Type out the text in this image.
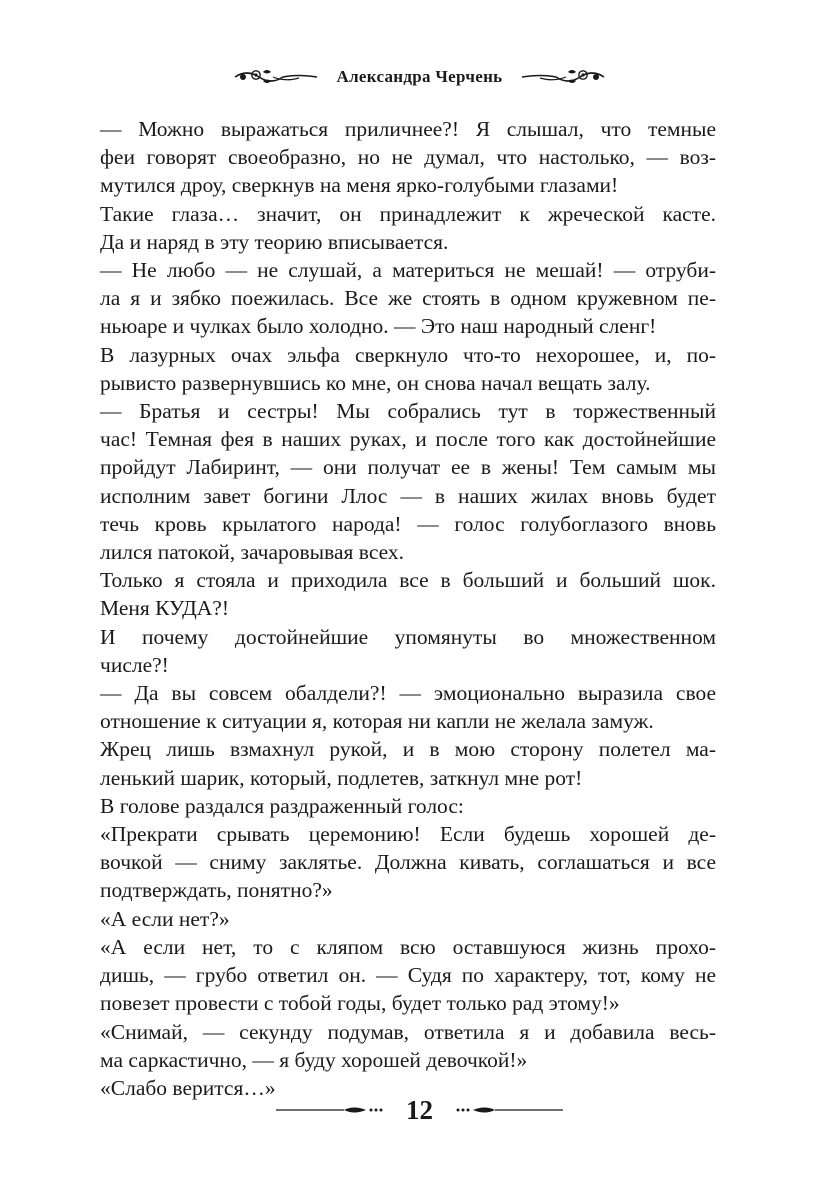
Александра Черчень

— Можно выражаться приличнее?! Я слышал, что темные
феи говорят своеобразно, но не думал, что настолько, — воз-
мутился дроу, сверкнув на меня ярко-голубыми глазами!

Такие глаза… значит, он принадлежит к жреческой касте.
Да и наряд в эту теорию вписывается.

— Не любо — не слушай, а материться не мешай! — отруби-
ла я и зябко поежилась. Все же стоять в одном кружевном пе-
ньюаре и чулках было холодно. — Это наш народный сленг!

В лазурных очах эльфа сверкнуло что-то нехорошее, и, по-
рывисто развернувшись ко мне, он снова начал вещать залу.

— Братья и сестры! Мы собрались тут в торжественный
час! Темная фея в наших руках, и после того как достойнейшие
пройдут Лабиринт, — они получат ее в жены! Тем самым мы
исполним завет богини Ллос — в наших жилах вновь будет
течь кровь крылатого народа! — голос голубоглазого вновь
лился патокой, зачаровывая всех.

Только я стояла и приходила все в больший и больший шок.
Меня КУДА?!

И почему достойнейшие упомянуты во множественном
числе?!

— Да вы совсем обалдели?! — эмоционально выразила свое
отношение к ситуации я, которая ни капли не желала замуж.

Жрец лишь взмахнул рукой, и в мою сторону полетел ма-
ленький шарик, который, подлетев, заткнул мне рот!

В голове раздался раздраженный голос:

«Прекрати срывать церемонию! Если будешь хорошей де-
вочкой — сниму заклятье. Должна кивать, соглашаться и все
подтверждать, понятно?»

«А если нет?»

«А если нет, то с кляпом всю оставшуюся жизнь прохо-
дишь, — грубо ответил он. — Судя по характеру, тот, кому не
повезет провести с тобой годы, будет только рад этому!»

«Снимай, — секунду подумав, ответила я и добавила весь-
ма саркастично, — я буду хорошей девочкой!»

«Слабо верится…»

12
